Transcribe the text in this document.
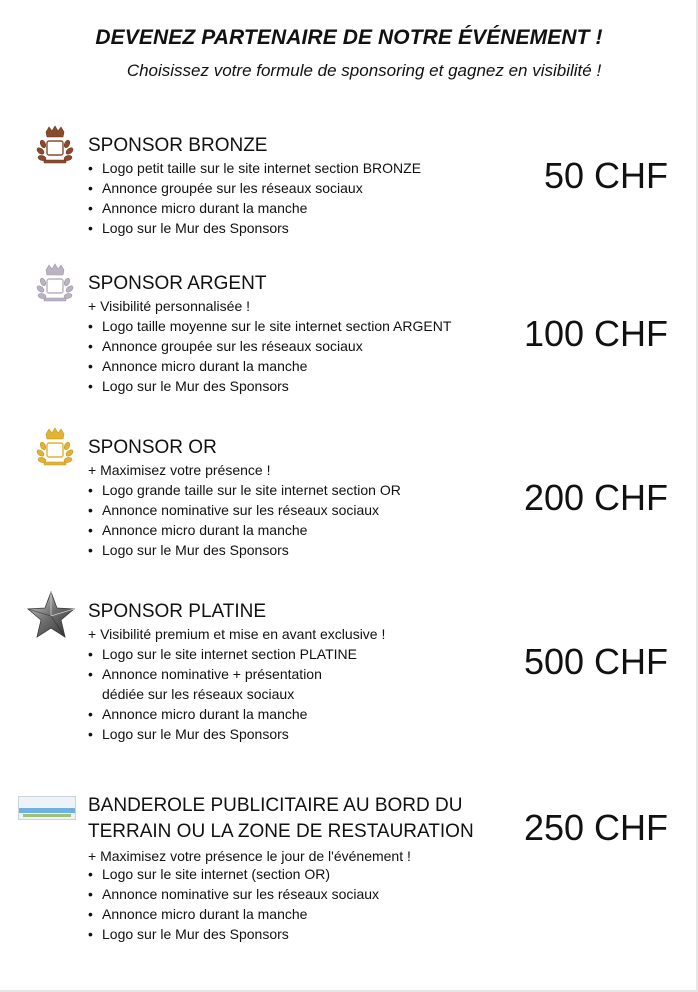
DEVENEZ PARTENAIRE DE NOTRE ÉVÉNEMENT !
Choisissez votre formule de sponsoring et gagnez en visibilité !
SPONSOR BRONZE
• Logo petit taille sur le site internet section BRONZE
• Annonce groupée sur les réseaux sociaux
• Annonce micro durant la manche
• Logo sur le Mur des Sponsors
50 CHF
SPONSOR ARGENT
+ Visibilité personnalisée !
• Logo taille moyenne sur le site internet section ARGENT
• Annonce groupée sur les réseaux sociaux
• Annonce micro durant la manche
• Logo sur le Mur des Sponsors
100 CHF
SPONSOR OR
+ Maximisez votre présence !
• Logo grande taille sur le site internet section OR
• Annonce nominative sur les réseaux sociaux
• Annonce micro durant la manche
• Logo sur le Mur des Sponsors
200 CHF
SPONSOR PLATINE
+ Visibilité premium et mise en avant exclusive !
• Logo sur le site internet section PLATINE
• Annonce nominative + présentation
dédiée sur les réseaux sociaux
• Annonce micro durant la manche
• Logo sur le Mur des Sponsors
500 CHF
BANDEROLE PUBLICITAIRE AU BORD DU
TERRAIN OU LA ZONE DE RESTAURATION
+ Maximisez votre présence le jour de l'événement !
• Logo sur le site internet (section OR)
• Annonce nominative sur les réseaux sociaux
• Annonce micro durant la manche
• Logo sur le Mur des Sponsors
250 CHF
